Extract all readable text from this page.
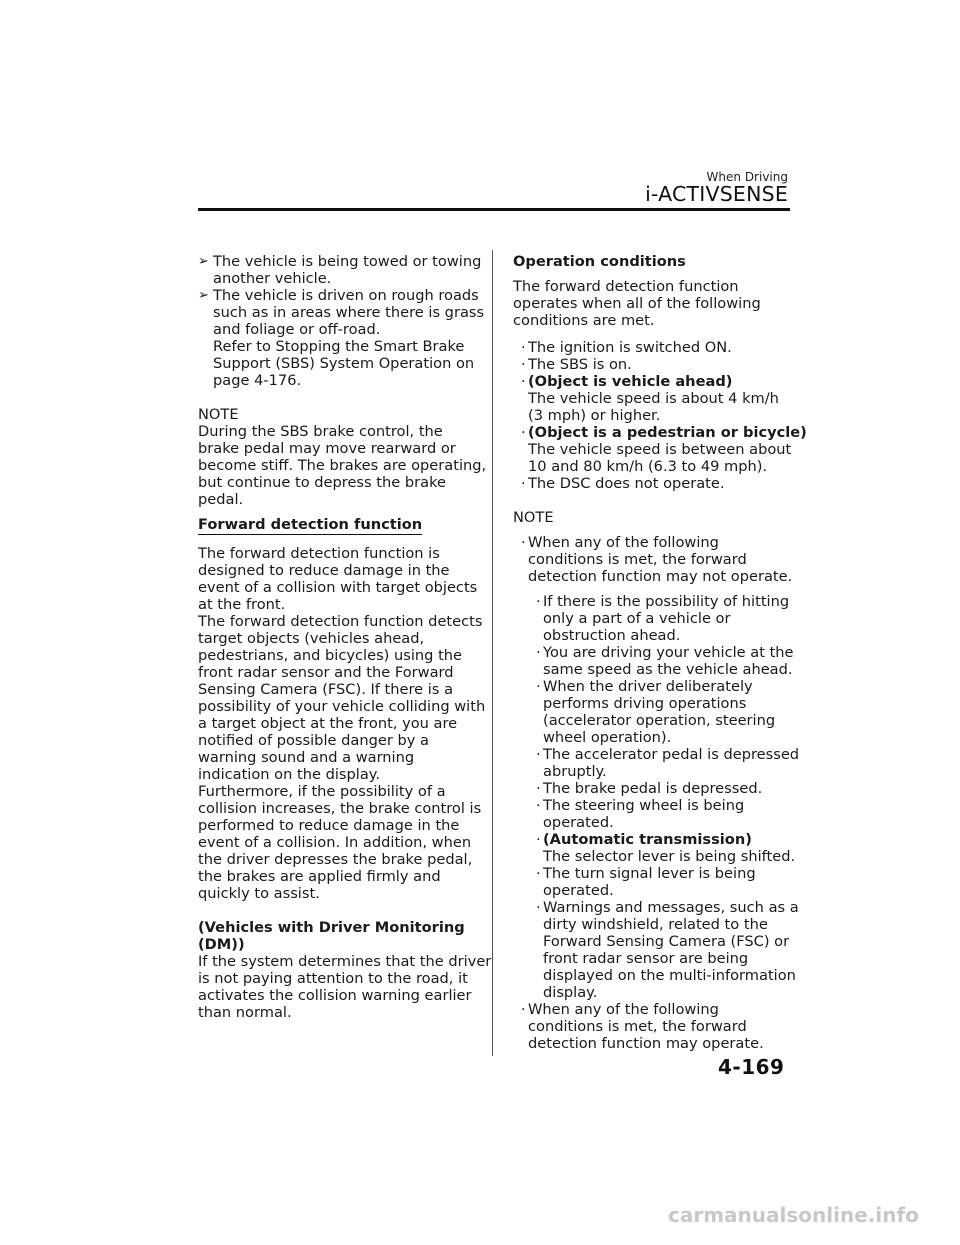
When Driving
i-ACTIVSENSE
➢ The vehicle is being towed or towing
another vehicle.
➢ The vehicle is driven on rough roads
such as in areas where there is grass
and foliage or off-road.
Refer to Stopping the Smart Brake
Support (SBS) System Operation on
page 4-176.
NOTE
During the SBS brake control, the
brake pedal may move rearward or
become stiff. The brakes are operating,
but continue to depress the brake
pedal.
Forward detection function
The forward detection function is
designed to reduce damage in the
event of a collision with target objects
at the front.
The forward detection function detects
target objects (vehicles ahead,
pedestrians, and bicycles) using the
front radar sensor and the Forward
Sensing Camera (FSC). If there is a
possibility of your vehicle colliding with
a target object at the front, you are
notified of possible danger by a
warning sound and a warning
indication on the display.
Furthermore, if the possibility of a
collision increases, the brake control is
performed to reduce damage in the
event of a collision. In addition, when
the driver depresses the brake pedal,
the brakes are applied firmly and
quickly to assist.
(Vehicles with Driver Monitoring
(DM))
If the system determines that the driver
is not paying attention to the road, it
activates the collision warning earlier
than normal.
Operation conditions
The forward detection function
operates when all of the following
conditions are met.
· The ignition is switched ON.
· The SBS is on.
· (Object is vehicle ahead)
The vehicle speed is about 4 km/h
(3 mph) or higher.
· (Object is a pedestrian or bicycle)
The vehicle speed is between about
10 and 80 km/h (6.3 to 49 mph).
· The DSC does not operate.
NOTE
· When any of the following
conditions is met, the forward
detection function may not operate.
· If there is the possibility of hitting
only a part of a vehicle or
obstruction ahead.
· You are driving your vehicle at the
same speed as the vehicle ahead.
· When the driver deliberately
performs driving operations
(accelerator operation, steering
wheel operation).
· The accelerator pedal is depressed
abruptly.
· The brake pedal is depressed.
· The steering wheel is being
operated.
· (Automatic transmission)
The selector lever is being shifted.
· The turn signal lever is being
operated.
· Warnings and messages, such as a
dirty windshield, related to the
Forward Sensing Camera (FSC) or
front radar sensor are being
displayed on the multi-information
display.
· When any of the following
conditions is met, the forward
detection function may operate.
4-169
carmanualsonline.info
